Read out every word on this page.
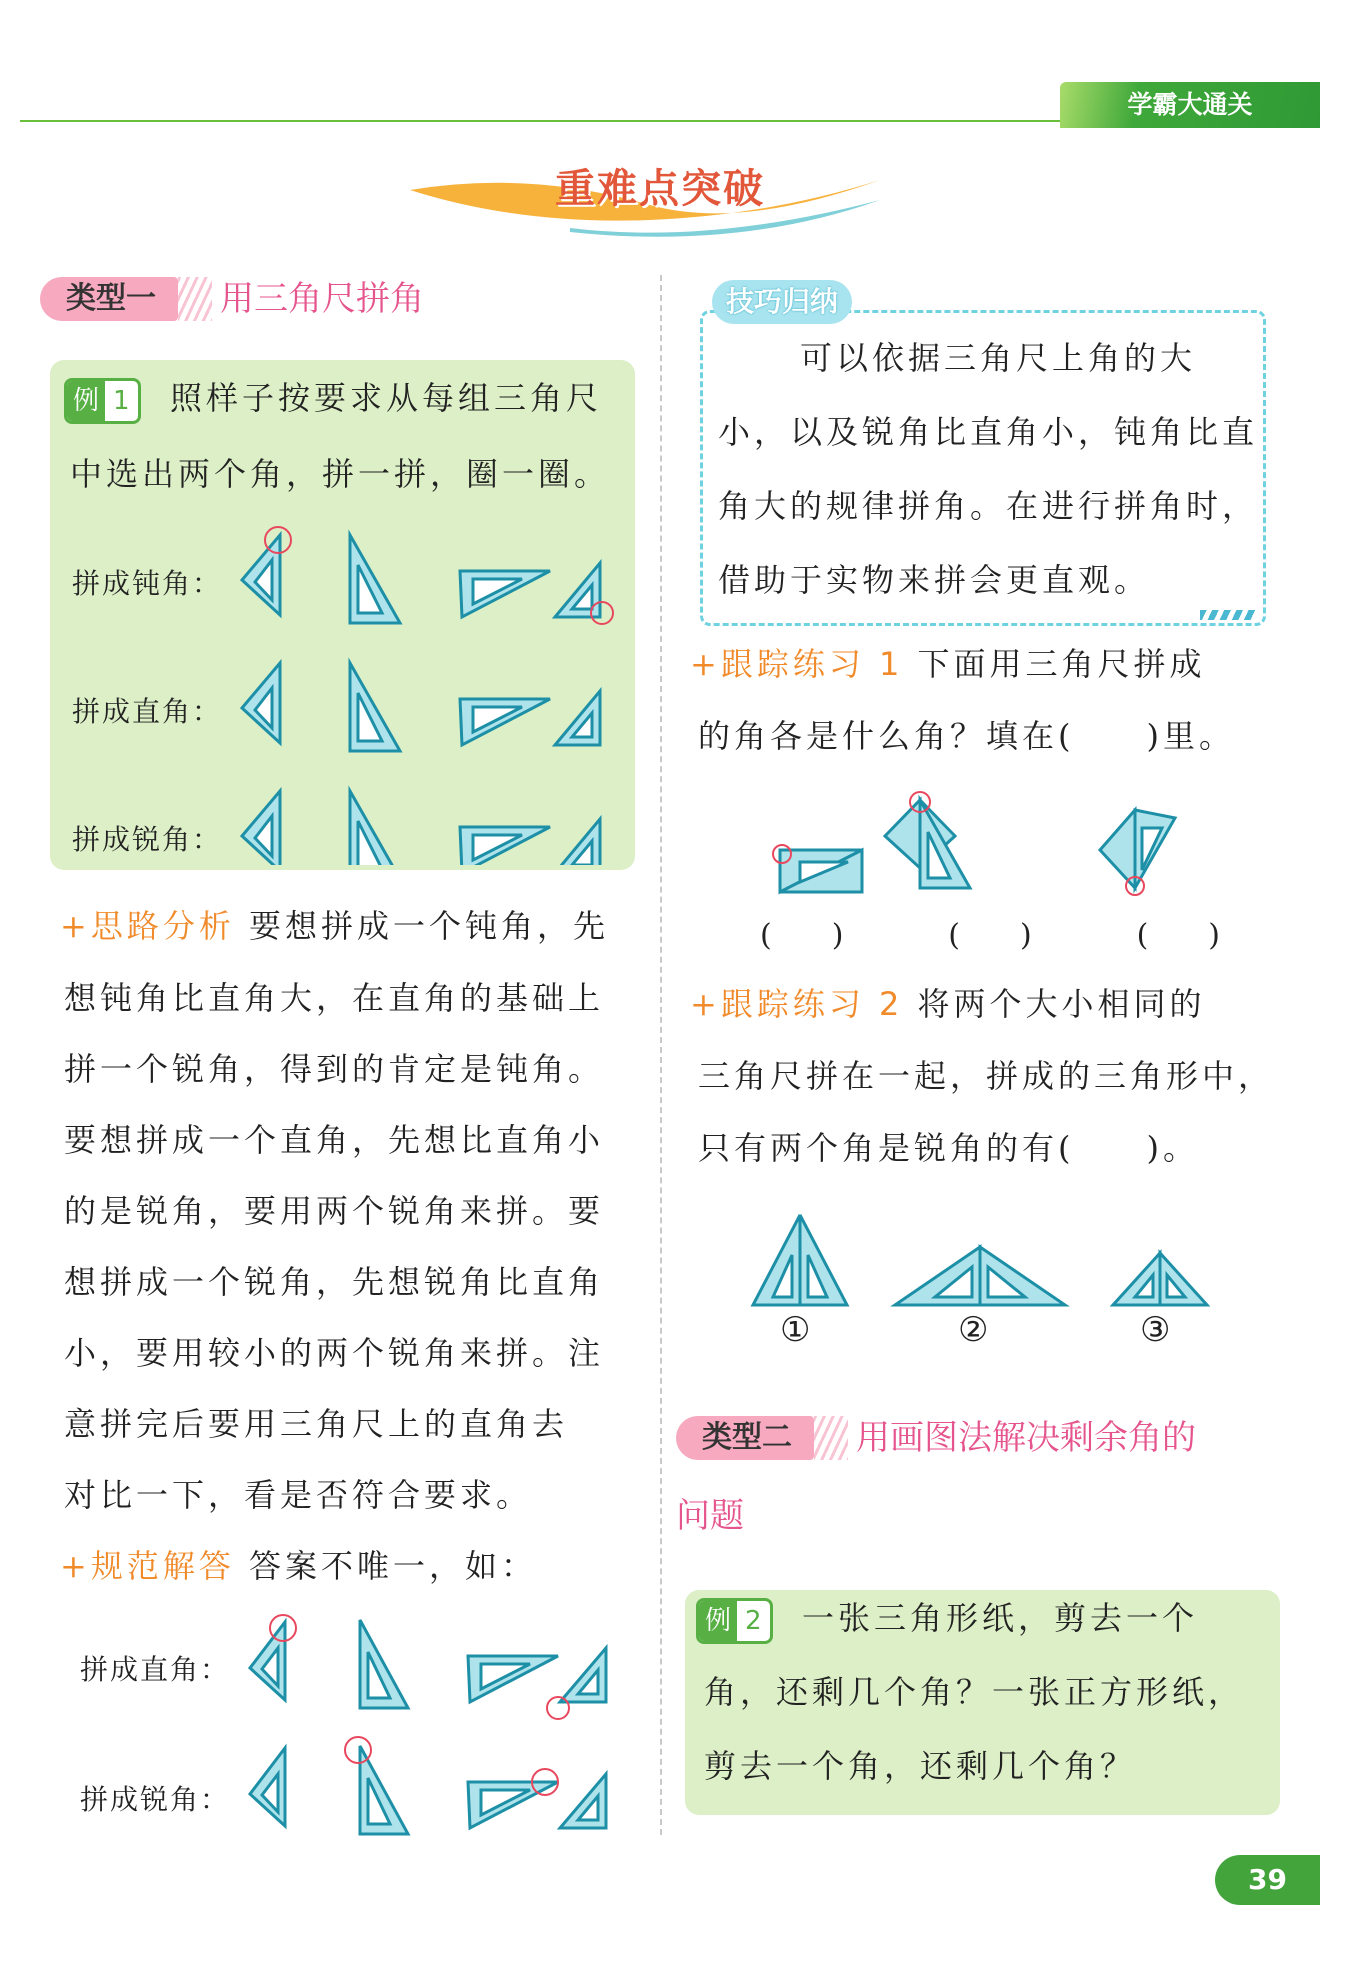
学霸大通关
重难点突破
类型一	用三角尺拼角
例 1 照样子按要求从每组三角尺
中选出两个角，拼一拼，圈一圈。
拼成钝角：
拼成直角：
拼成锐角：
+思路分析 要想拼成一个钝角，先
想钝角比直角大，在直角的基础上
拼一个锐角，得到的肯定是钝角。
要想拼成一个直角，先想比直角小
的是锐角，要用两个锐角来拼。要
想拼成一个锐角，先想锐角比直角
小，要用较小的两个锐角来拼。注
意拼完后要用三角尺上的直角去
对比一下，看是否符合要求。
+规范解答 答案不唯一，如：
拼成直角：
拼成锐角：
技巧归纳
可以依据三角尺上角的大
小，以及锐角比直角小，钝角比直
角大的规律拼角。在进行拼角时，
借助于实物来拼会更直观。
+跟踪练习 1 下面用三角尺拼成
的角各是什么角？填在(　　)里。
(　　)	(　　)	(　　)
+跟踪练习 2 将两个大小相同的
三角尺拼在一起，拼成的三角形中，
只有两个角是锐角的有(　　)。
①	②	③
类型二	用画图法解决剩余角的
问题
例 2 一张三角形纸，剪去一个
角，还剩几个角？一张正方形纸，
剪去一个角，还剩几个角？
39
